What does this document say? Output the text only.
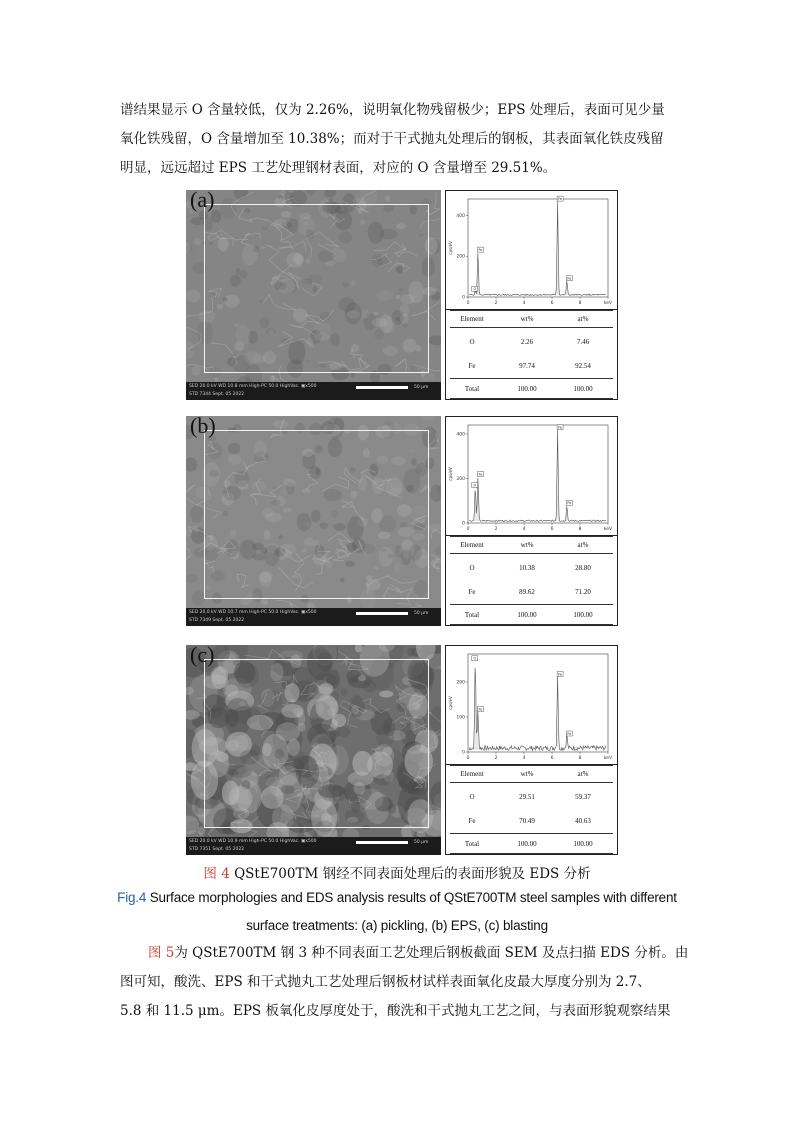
谱结果显示 O 含量较低，仅为 2.26%，说明氧化物残留极少；EPS 处理后，表面可见少量

氧化铁残留，O 含量增加至 10.38%；而对于干式抛丸处理后的钢板，其表面氧化铁皮残留

明显，远远超过 EPS 工艺处理钢材表面，对应的 O 含量增至 29.51%。

(a)
SED 20.0 kV WD 10.8 mm High-PC 50.0 HighVac. ▣x500
STD 7344 Sept. 05 2022
50 μm
0
200
400
0	2	4	6	8	keV
cps/eV
O
Fe
Fe
Fe
Element	wt%	at%
O	2.26	7.46
Fe	97.74	92.54
Total	100.00	100.00
(b)
SED 20.0 kV WD 10.7 mm High-PC 50.0 HighVac. ▣x500
STD 7349 Sept. 05 2022
50 μm
0
200
400
0	2	4	6	8	keV
cps/eV
O
Fe
Fe
Fe
Element	wt%	at%
O	10.38	28.80
Fe	89.62	71.20
Total	100.00	100.00
(c)
SED 20.0 kV WD 10.9 mm High-PC 50.0 HighVac. ▣x500
STD 7351 Sept. 05 2022
50 μm
0
100
200
0	2	4	6	8	keV
cps/eV
O
Fe
Fe
Fe
Element	wt%	at%
O	29.51	59.37
Fe	70.49	40.63
Total	100.00	100.00
图 4 QStE700TM 钢经不同表面处理后的表面形貌及 EDS 分析
Fig.4 Surface morphologies and EDS analysis results of QStE700TM steel samples with different
surface treatments: (a) pickling, (b) EPS, (c) blasting

图 5为 QStE700TM 钢 3 种不同表面工艺处理后钢板截面 SEM 及点扫描 EDS 分析。由

图可知，酸洗、EPS 和干式抛丸工艺处理后钢板材试样表面氧化皮最大厚度分别为 2.7、

5.8 和 11.5 μm。EPS 板氧化皮厚度处于，酸洗和干式抛丸工艺之间，与表面形貌观察结果
